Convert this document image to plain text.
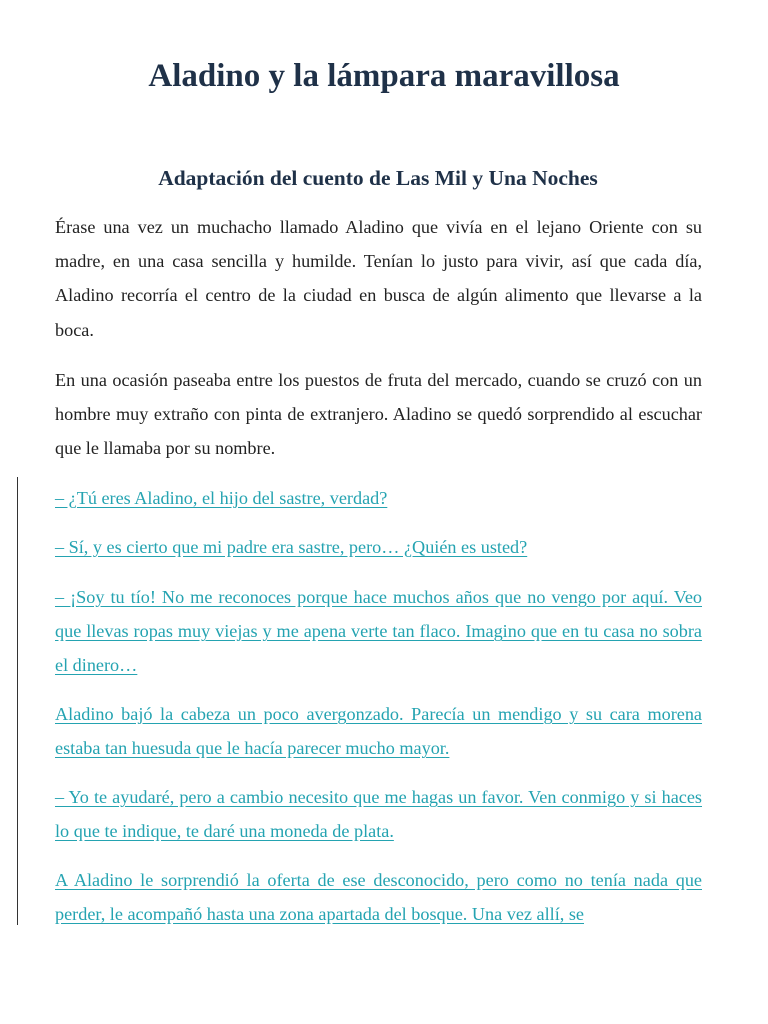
Aladino y la lámpara maravillosa
Adaptación del cuento de Las Mil y Una Noches

Érase una vez un muchacho llamado Aladino que vivía en el lejano Oriente con su madre, en una casa sencilla y humilde. Tenían lo justo para vivir, así que cada día, Aladino recorría el centro de la ciudad en busca de algún alimento que llevarse a la boca.

En una ocasión paseaba entre los puestos de fruta del mercado, cuando se cruzó con un hombre muy extraño con pinta de extranjero. Aladino se quedó sorprendido al escuchar que le llamaba por su nombre.

– ¿Tú eres Aladino, el hijo del sastre, verdad?

– Sí, y es cierto que mi padre era sastre, pero… ¿Quién es usted?

– ¡Soy tu tío! No me reconoces porque hace muchos años que no vengo por aquí. Veo que llevas ropas muy viejas y me apena verte tan flaco. Imagino que en tu casa no sobra el dinero…

Aladino bajó la cabeza un poco avergonzado. Parecía un mendigo y su cara morena estaba tan huesuda que le hacía parecer mucho mayor.

– Yo te ayudaré, pero a cambio necesito que me hagas un favor. Ven conmigo y si haces lo que te indique, te daré una moneda de plata.

A Aladino le sorprendió la oferta de ese desconocido, pero como no tenía nada que perder, le acompañó hasta una zona apartada del bosque. Una vez allí, se
